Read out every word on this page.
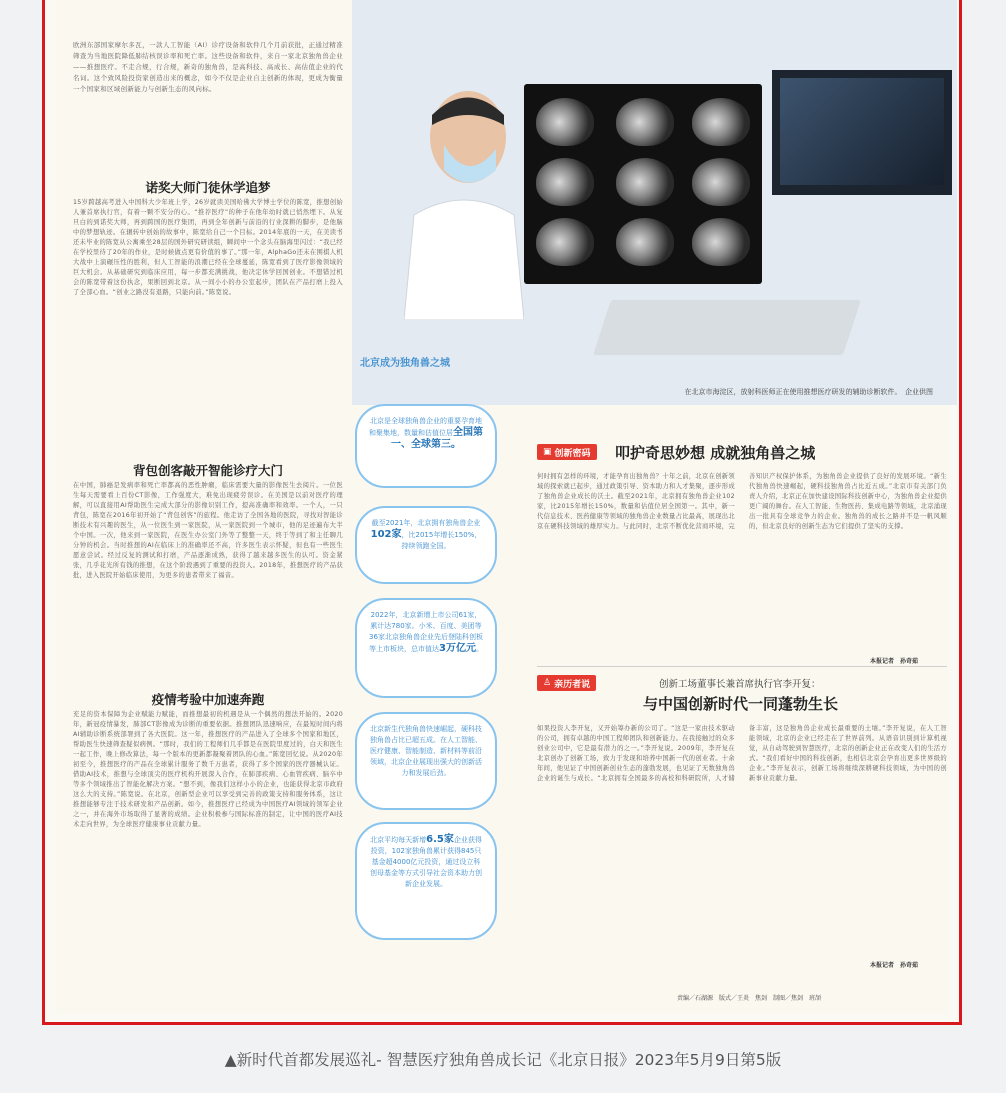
欧洲东部国家摩尔多瓦，一款人工智能（AI）诊疗设备和软件几个月前获批，正通过精准筛查为当地医院降低肺结核误诊率和死亡率。这些设备和软件，来自一家北京独角兽企业——推想医疗。不走合规，行合规，新奇的独角兽，是高科技、高成长、高估值企业的代名词。这个致风险投资家创造出来的概念，如今不仅是企业自主创新的体现，更成为衡量一个国家和区域创新能力与创新生态的风向标。
诺奖大师门徒休学追梦
15岁跨越高考进入中国科大少年班上学，26岁就读美国哈佛大学博士学位的陈宽，推想创始人兼首席执行官，有着一颗不安分的心。“推荐医疗”的种子在他年幼时就已悄然埋下。从复旦白的到诺奖大师，再到跨国的医疗集团，再到全年创新与前沿的行业深耕的脚步，是他脑中的梦想轨迹。在辗转中创始的故事中，陈宽给自己一个目标。2014年底的一天，在美读书还未毕业的陈宽从公寓乘坐28层的国外研究研读组，瞬间中一个念头在脑海里闪过：“我已经在学校里待了20年的作业，是时候做点更有价值的事了。”那一年，AlphaGo还未在围棋人机大战中上演碾压性的胜利，但人工智能的浪潮已经在全球蔓延，陈宽看到了医疗影像领域的巨大机会。从基础研究到临床应用，每一步都充满挑战，他决定休学回国创业。不想错过机会的陈宽带着这份执念，果断回到北京。从一间小小的办公室起步，团队在产品打磨上投入了全部心血。“创业之路没有退路，只能向前。”陈宽说。
背包创客敲开智能诊疗大门
在中国，肺癌是发病率和死亡率都高的恶性肿瘤，临床需要大量的影像医生去阅片。一位医生每天需要看上百份CT影像，工作强度大，难免出现疲劳误诊。在美国是以前对医疗的理解，可以直接用AI帮助医生完成大部分的影像识别工作，提高准确率和效率。一个人，一只背包，陈宽在2016年初开始了“背包创客”的旅程。他走访了全国各地的医院，寻找对智能诊断技术有兴趣的医生，从一位医生到一家医院，从一家医院到一个城市，他的足迹遍布大半个中国。一次，他来到一家医院，在医生办公室门外等了整整一天，终于等到了和主任聊几分钟的机会。当时推想的AI在临床上的准确率还不高，许多医生表示怀疑，但也有一些医生愿意尝试。经过反复的测试和打磨，产品逐渐成熟，获得了越来越多医生的认可。资金紧张，几乎花光所有钱的推想，在这个阶段遇到了重要的投资人。2018年，推想医疗的产品获批，进入医院开始临床使用，为更多的患者带来了福音。
疫情考验中加速奔跑
充足的资本保障为企业赋能力赋能，而推想最初的机遇是从一个偶然的想法开始的。2020年，新冠疫情暴发，肺部CT影像成为诊断的重要依据。推想团队迅速响应，在最短时间内将AI辅助诊断系统部署到了各大医院。这一年，推想医疗的产品进入了全球多个国家和地区，帮助医生快速筛查疑似病例。“那时，我们的工程师们几乎都是在医院里度过的，白天和医生一起工作，晚上修改算法，每一个版本的更新都凝聚着团队的心血。”陈宽回忆说。从2020年初至今，推想医疗的产品在全球累计服务了数千万患者，获得了多个国家的医疗器械认证。借助AI技术，推想与全球顶尖的医疗机构开展深入合作，在肺部疾病、心血管疾病、脑卒中等多个领域推出了智能化解决方案。“想不到，像我们这样小小的企业，也能获得北京市政府这么大的支持。”陈宽说。在北京，创新型企业可以享受到完善的政策支持和服务体系，这让推想能够专注于技术研发和产品创新。如今，推想医疗已经成为中国医疗AI领域的领军企业之一，并在海外市场取得了显著的成绩。企业积极参与国际标准的制定，让中国的医疗AI技术走向世界，为全球医疗健康事业贡献力量。
在北京市海淀区，放射科医师正在使用推想医疗研发的辅助诊断软件。　企业供图
北京成为独角兽之城
北京是全球独角兽企业的重要孕育地和聚集地，数量和估值位居全国第一、全球第三。
截至2021年，北京拥有独角兽企业102家，比2015年增长150%，持续领跑全国。
2022年，北京新增上市公司61家，累计达780家。小米、百度、美团等36家北京独角兽企业先后登陆科创板等上市板块，总市值达3万亿元。
北京新生代独角兽快速崛起，硬科技独角兽占比已超五成。在人工智能、医疗健康、智能制造、新材料等前沿领域，北京企业展现出强大的创新活力和发展后劲。
北京平均每天新增6.5家企业获得投资，102家独角兽累计获得845只基金超4000亿元投资，通过设立科创母基金等方式引导社会资本助力创新企业发展。
▣ 创新密码 叩护奇思妙想 成就独角兽之城
何时拥有怎样的环境，才能孕育出独角兽？十年之前，北京在创新领域的探索就已起步，通过政策引导、资本助力和人才集聚，逐步形成了独角兽企业成长的沃土。截至2021年，北京拥有独角兽企业102家，比2015年增长150%，数量和估值位居全国第一。其中，新一代信息技术、医药健康等领域的独角兽企业数量占比最高，展现出北京在硬科技领域的雄厚实力。与此同时，北京不断优化营商环境，完善知识产权保护体系，为独角兽企业提供了良好的发展环境。“新生代独角兽快速崛起，硬科技独角兽占比近五成。”北京市有关部门负责人介绍，北京正在加快建设国际科技创新中心，为独角兽企业提供更广阔的舞台。在人工智能、生物医药、集成电路等领域，北京涌现出一批具有全球竞争力的企业。独角兽的成长之路并不是一帆风顺的，但北京良好的创新生态为它们提供了坚实的支撑。
本报记者　孙奇茹
♙ 亲历者说	创新工场董事长兼首席执行官李开复：
与中国创新时代一同蓬勃生长
如果投资人李开复，又开始筹办新的公司了。“这是一家由技术驱动的公司，拥有卓越的中国工程师团队和创新能力。在我接触过的众多创业公司中，它是最有潜力的之一。”李开复说。2009年，李开复在北京创办了创新工场，致力于发现和培养中国新一代的创业者。十余年间，他见证了中国创新创业生态的蓬勃发展，也见证了无数独角兽企业的诞生与成长。“北京拥有全国最多的高校和科研院所，人才储备丰富，这是独角兽企业成长最重要的土壤。”李开复说，在人工智能领域，北京的企业已经走在了世界前列。从语音识别到计算机视觉，从自动驾驶到智慧医疗，北京的创新企业正在改变人们的生活方式。“我们看好中国的科技创新，也相信北京会孕育出更多世界级的企业。”李开复表示，创新工场将继续深耕硬科技领域，为中国的创新事业贡献力量。
本报记者　孙奇茹
责编／石湖源　版式／王炎　焦剑　制图／焦剑　班頡
▲新时代首都发展巡礼- 智慧医疗独角兽成长记《北京日报》2023年5月9日第5版
